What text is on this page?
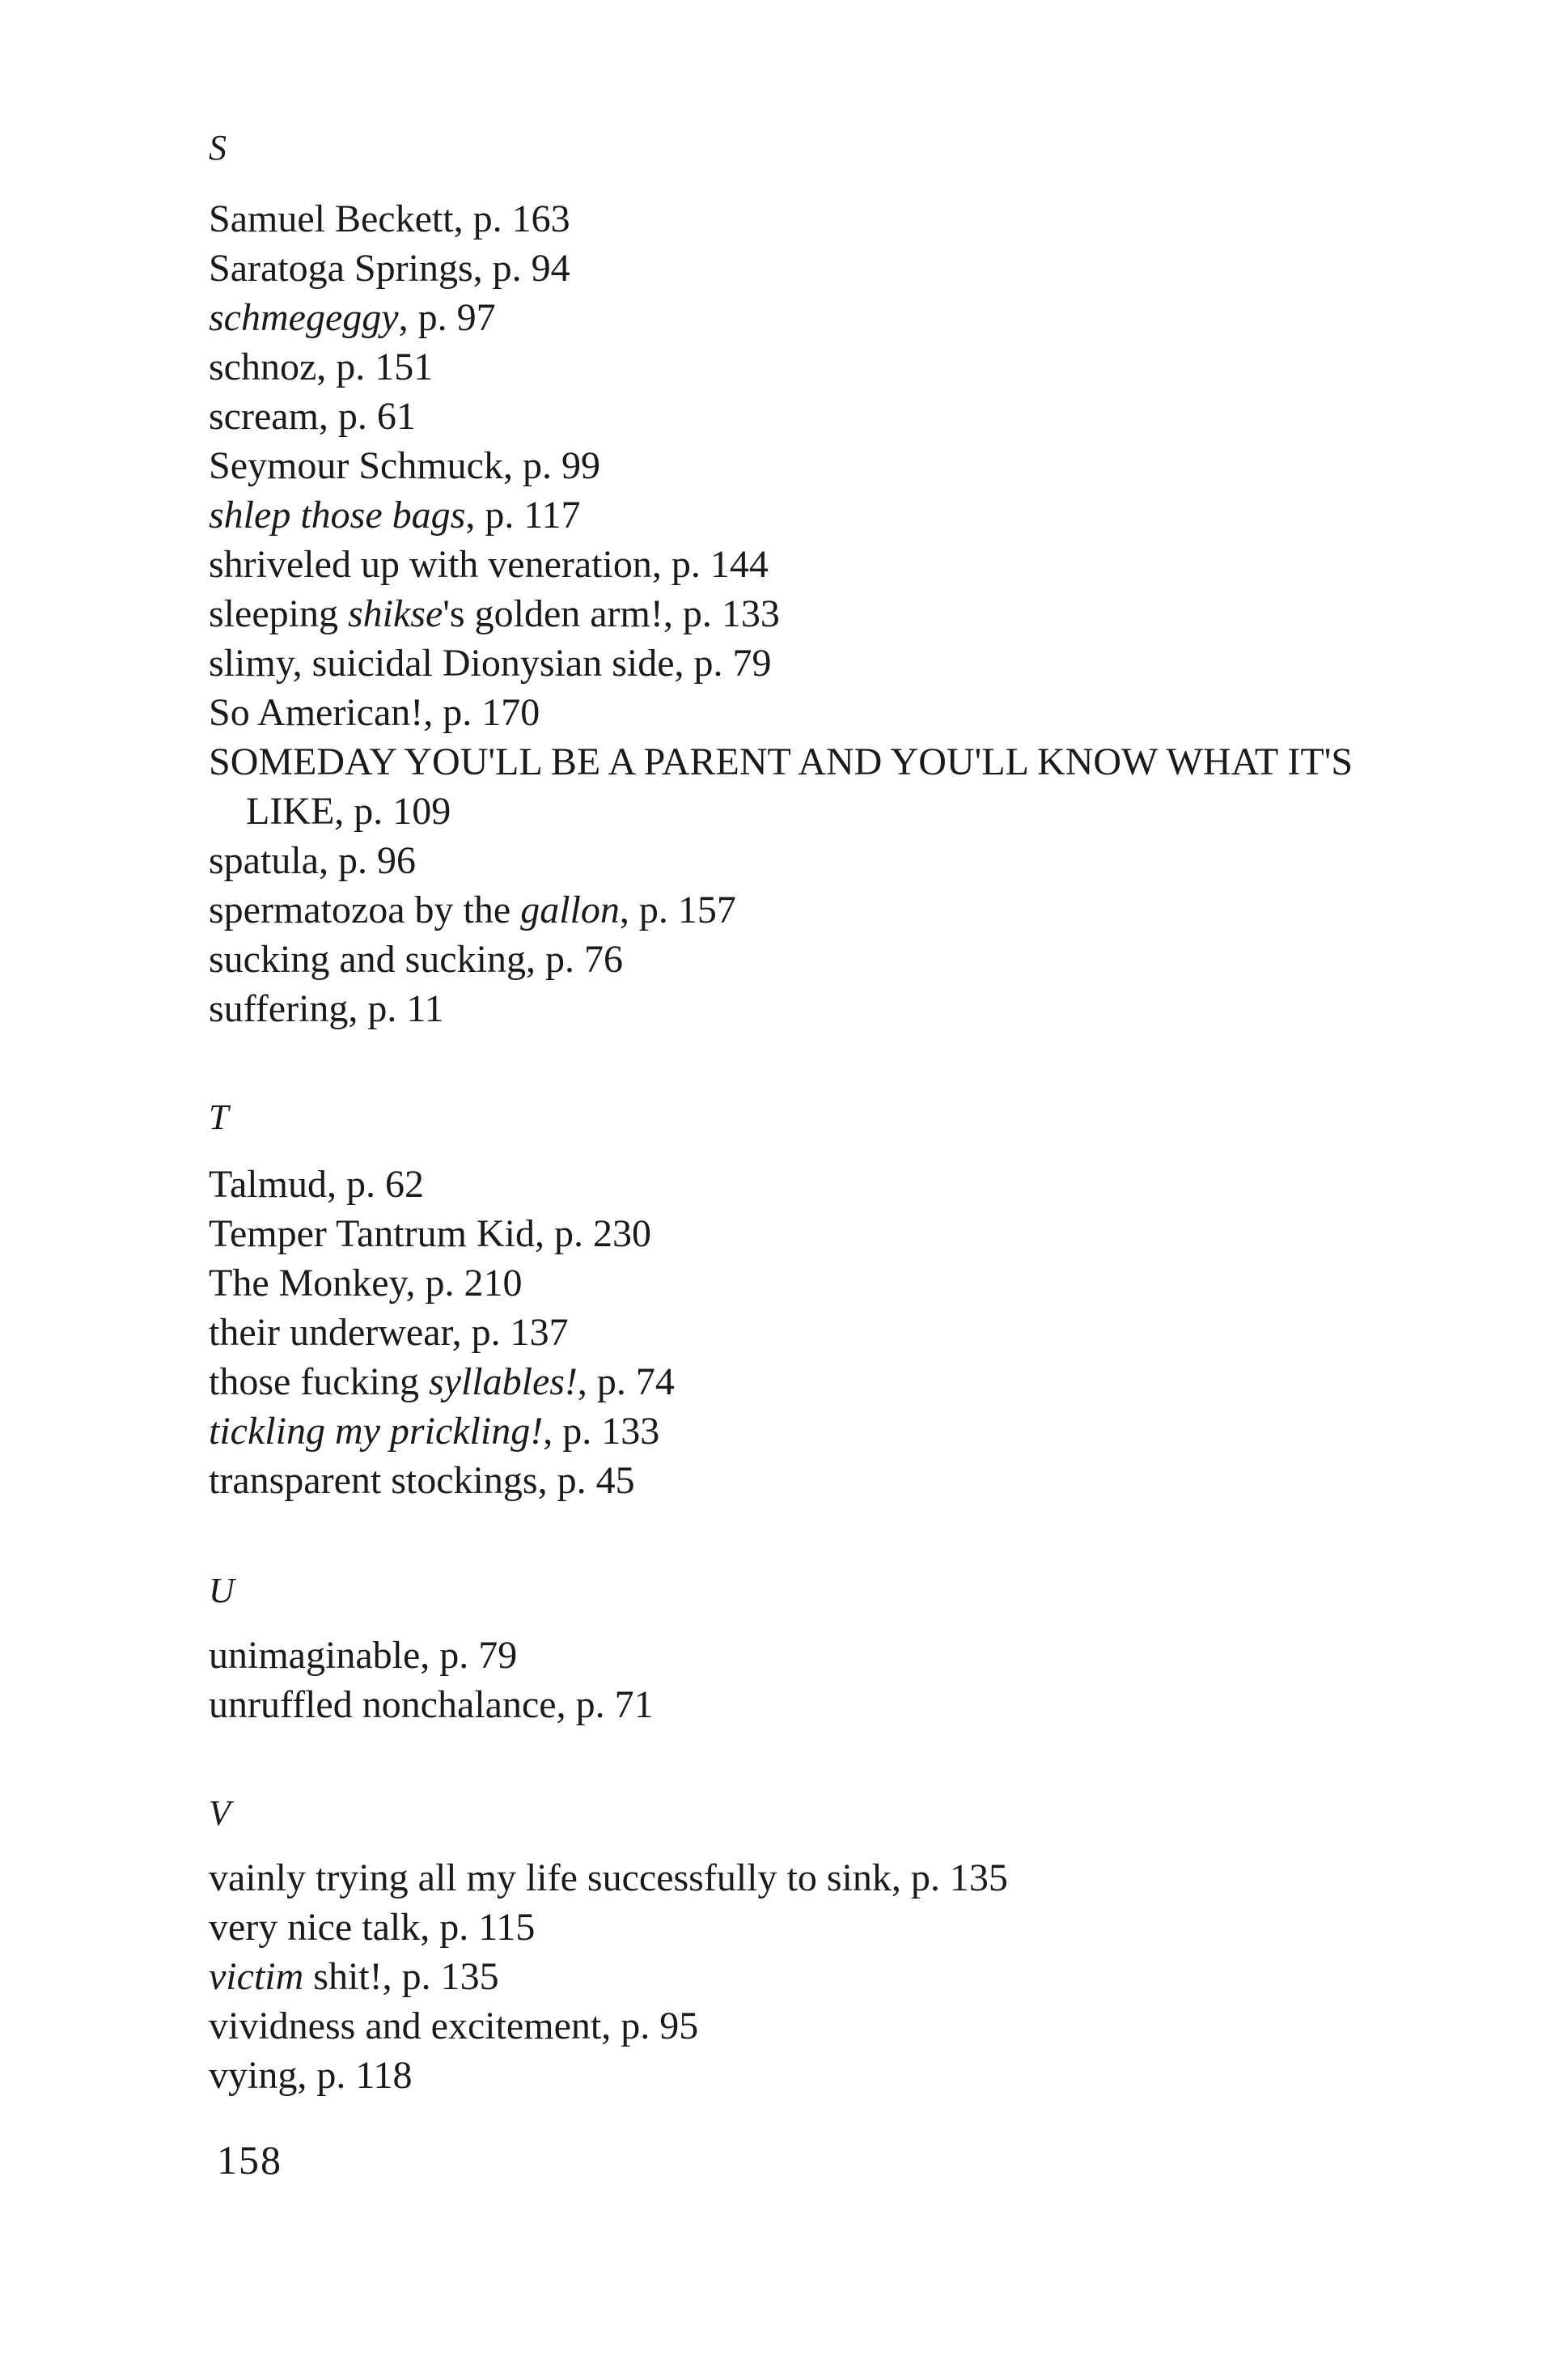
S
Samuel Beckett, p. 163
Saratoga Springs, p. 94
schmegeggy, p. 97
schnoz, p. 151
scream, p. 61
Seymour Schmuck, p. 99
shlep those bags, p. 117
shriveled up with veneration, p. 144
sleeping shikse's golden arm!, p. 133
slimy, suicidal Dionysian side, p. 79
So American!, p. 170
SOMEDAY YOU'LL BE A PARENT AND YOU'LL KNOW WHAT IT'S LIKE, p. 109
spatula, p. 96
spermatozoa by the gallon, p. 157
sucking and sucking, p. 76
suffering, p. 11
T
Talmud, p. 62
Temper Tantrum Kid, p. 230
The Monkey, p. 210
their underwear, p. 137
those fucking syllables!, p. 74
tickling my prickling!, p. 133
transparent stockings, p. 45
U
unimaginable, p. 79
unruffled nonchalance, p. 71
V
vainly trying all my life successfully to sink, p. 135
very nice talk, p. 115
victim shit!, p. 135
vividness and excitement, p. 95
vying, p. 118
158
